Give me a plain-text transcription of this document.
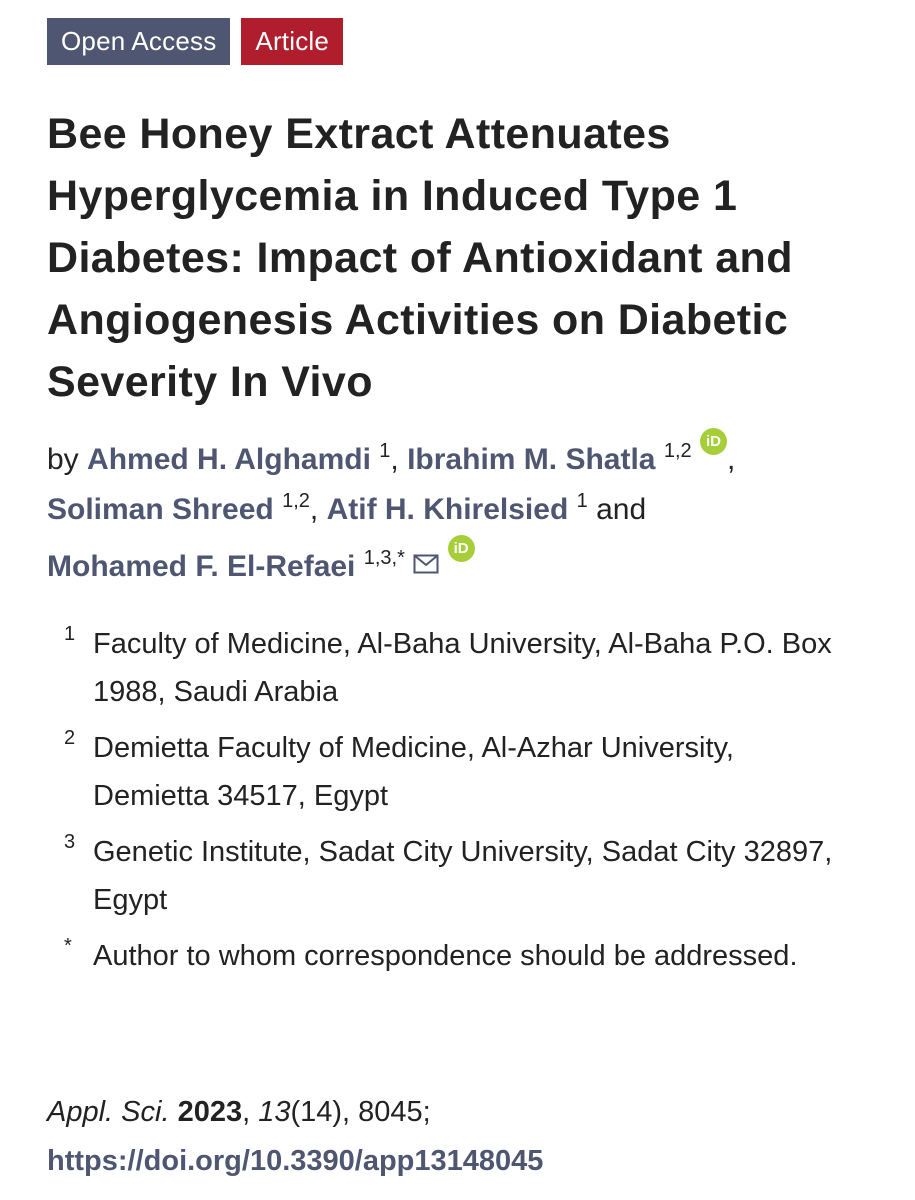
Open Access	Article
Bee Honey Extract Attenuates Hyperglycemia in Induced Type 1 Diabetes: Impact of Antioxidant and Angiogenesis Activities on Diabetic Severity In Vivo
by Ahmed H. Alghamdi $^1$, Ibrahim M. Shatla $^{1,2}$ iD
,
Soliman Shreed $^{1,2}$, Atif H. Khirelsied $^1$ and
Mohamed F. El-Refaei $^{1,3,*}$	iD
1 Faculty of Medicine, Al-Baha University, Al-Baha P.O. Box 1988, Saudi Arabia
2 Demietta Faculty of Medicine, Al-Azhar University, Demietta 34517, Egypt
3 Genetic Institute, Sadat City University, Sadat City 32897, Egypt
* Author to whom correspondence should be addressed.
Appl. Sci. 2023, 13(14), 8045;
https://doi.org/10.3390/app13148045
